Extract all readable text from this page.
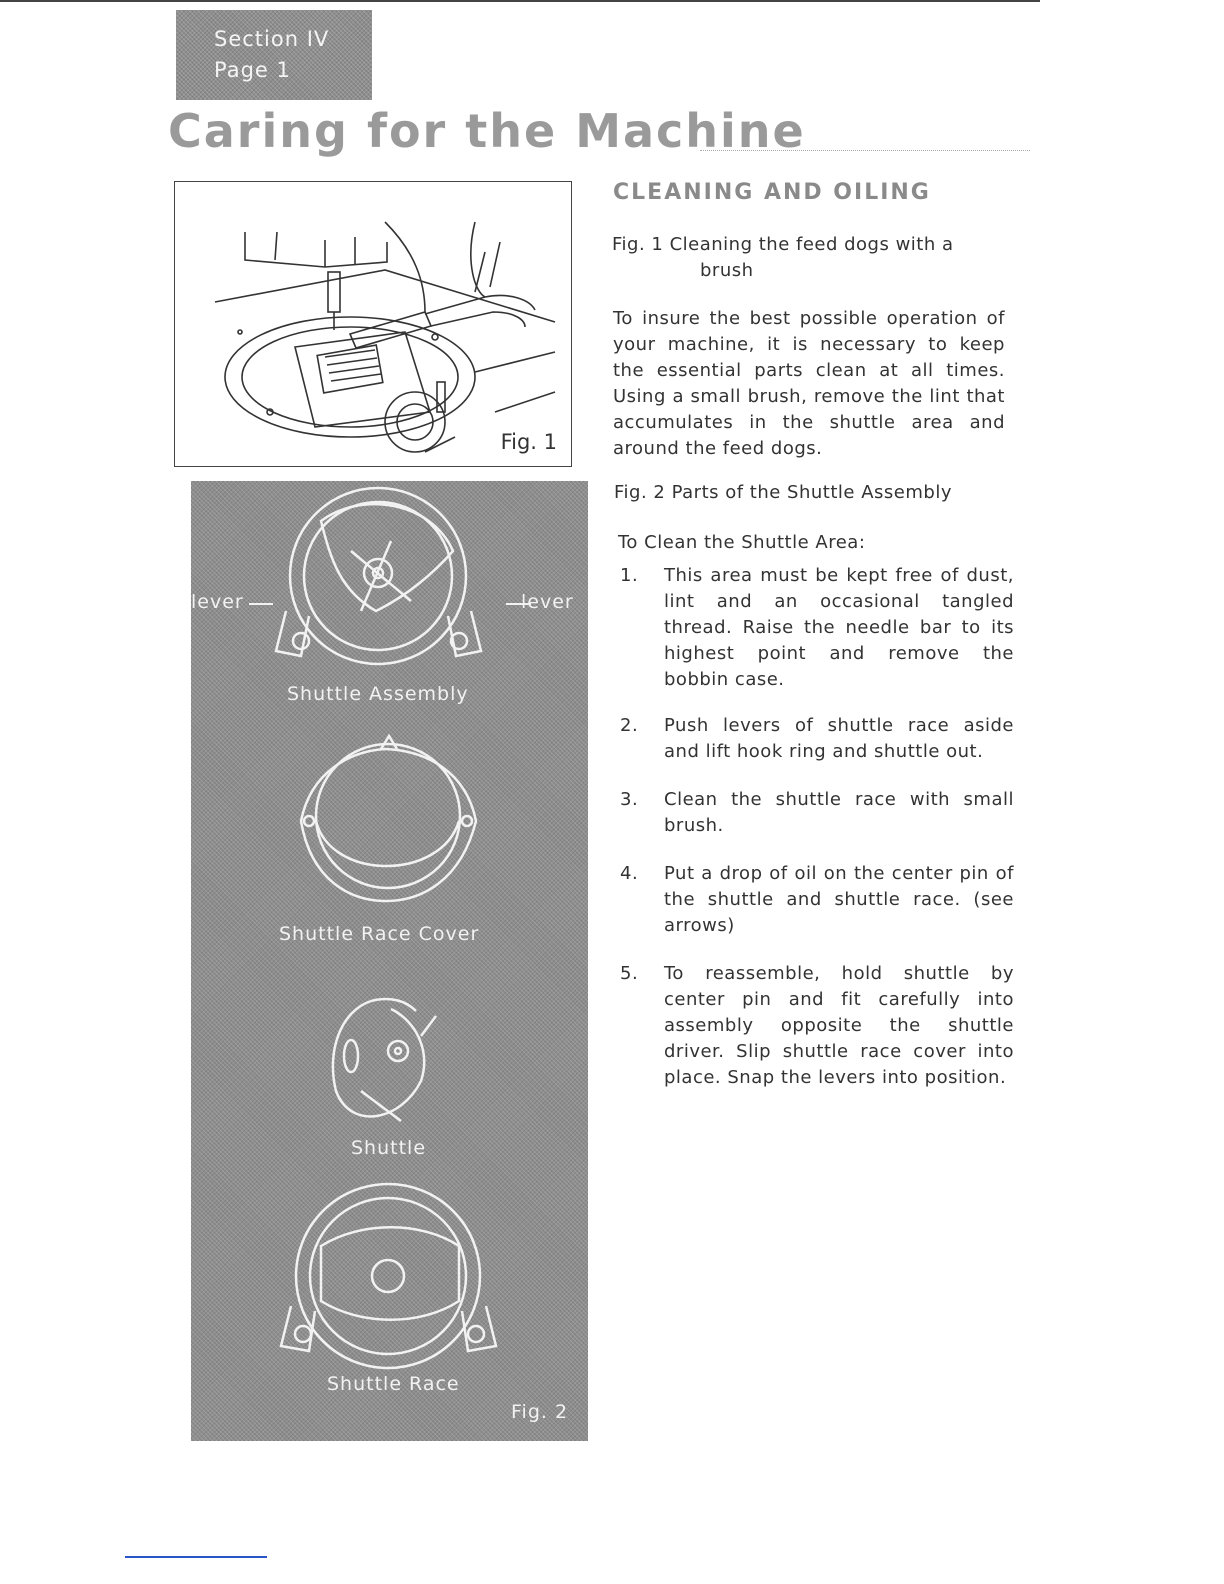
Section IV
Page 1
Caring for the Machine
Fig. 1
lever	lever
Shuttle Assembly
Shuttle Race Cover
Shuttle
Shuttle Race
Fig. 2
CLEANING AND OILING
Fig. 1 Cleaning the feed dogs with a
brush
To insure the best possible operation of your machine, it is necessary to keep the essential parts clean at all times. Using a small brush, remove the lint that accumulates in the shuttle area and around the feed dogs.
Fig. 2 Parts of the Shuttle Assembly
To Clean the Shuttle Area:
1. This area must be kept free of dust, lint and an occasional tangled thread. Raise the needle bar to its highest point and remove the bobbin case.
2. Push levers of shuttle race aside and lift hook ring and shuttle out.
3. Clean the shuttle race with small brush.
4. Put a drop of oil on the center pin of the shuttle and shuttle race. (see arrows)
5. To reassemble, hold shuttle by center pin and fit carefully into assembly opposite the shuttle driver. Slip shuttle race cover into place. Snap the levers into position.
